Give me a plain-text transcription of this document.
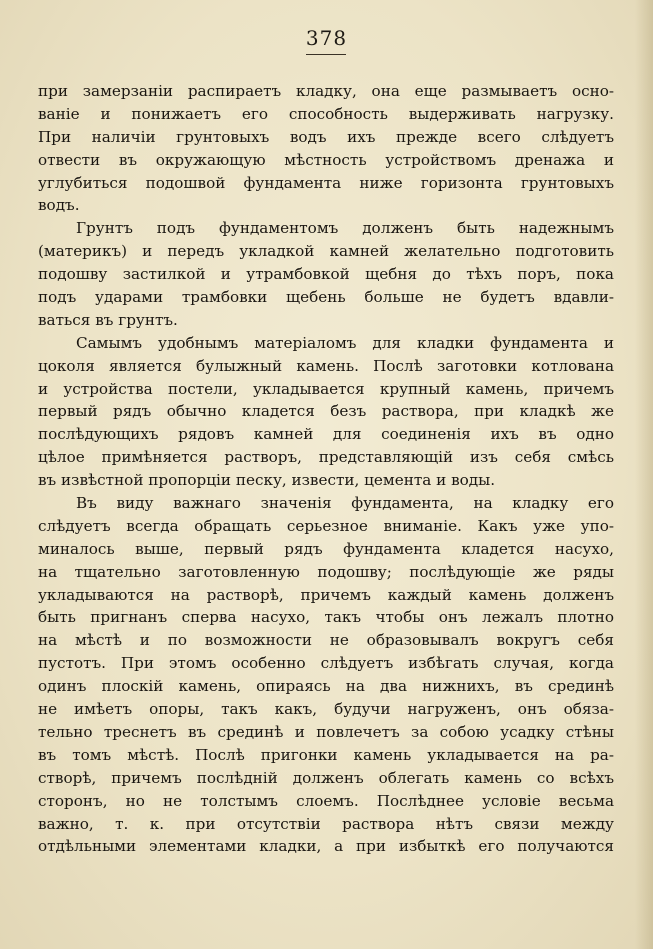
378
при замерзаніи распираетъ кладку, она еще размываетъ осно-
ваніе и понижаетъ его способность выдерживать нагрузку.
При наличіи грунтовыхъ водъ ихъ прежде всего слѣдуетъ
отвести въ окружающую мѣстность устройствомъ дренажа и
углубиться подошвой фундамента ниже горизонта грунтовыхъ
водъ.
Грунтъ подъ фундаментомъ долженъ быть надежнымъ
(материкъ) и передъ укладкой камней желательно подготовить
подошву застилкой и утрамбовкой щебня до тѣхъ поръ, пока
подъ ударами трамбовки щебень больше не будетъ вдавли-
ваться въ грунтъ.
Самымъ удобнымъ матеріаломъ для кладки фундамента и
цоколя является булыжный камень. Послѣ заготовки котлована
и устройства постели, укладывается крупный камень, причемъ
первый рядъ обычно кладется безъ раствора, при кладкѣ же
послѣдующихъ рядовъ камней для соединенія ихъ въ одно
цѣлое примѣняется растворъ, представляющій изъ себя смѣсь
въ извѣстной пропорціи песку, извести, цемента и воды.
Въ виду важнаго значенія фундамента, на кладку его
слѣдуетъ всегда обращать серьезное вниманіе. Какъ уже упо-
миналось выше, первый рядъ фундамента кладется насухо,
на тщательно заготовленную подошву; послѣдующіе же ряды
укладываются на растворѣ, причемъ каждый камень долженъ
быть пригнанъ сперва насухо, такъ чтобы онъ лежалъ плотно
на мѣстѣ и по возможности не образовывалъ вокругъ себя
пустотъ. При этомъ особенно слѣдуетъ избѣгать случая, когда
одинъ плоскій камень, опираясь на два нижнихъ, въ срединѣ
не имѣетъ опоры, такъ какъ, будучи нагруженъ, онъ обяза-
тельно треснетъ въ срединѣ и повлечетъ за собою усадку стѣны
въ томъ мѣстѣ. Послѣ пригонки камень укладывается на ра-
створѣ, причемъ послѣдній долженъ облегать камень со всѣхъ
сторонъ, но не толстымъ слоемъ. Послѣднее условіе весьма
важно, т. к. при отсутствіи раствора нѣтъ связи между
отдѣльными элементами кладки, а при избыткѣ его получаются
